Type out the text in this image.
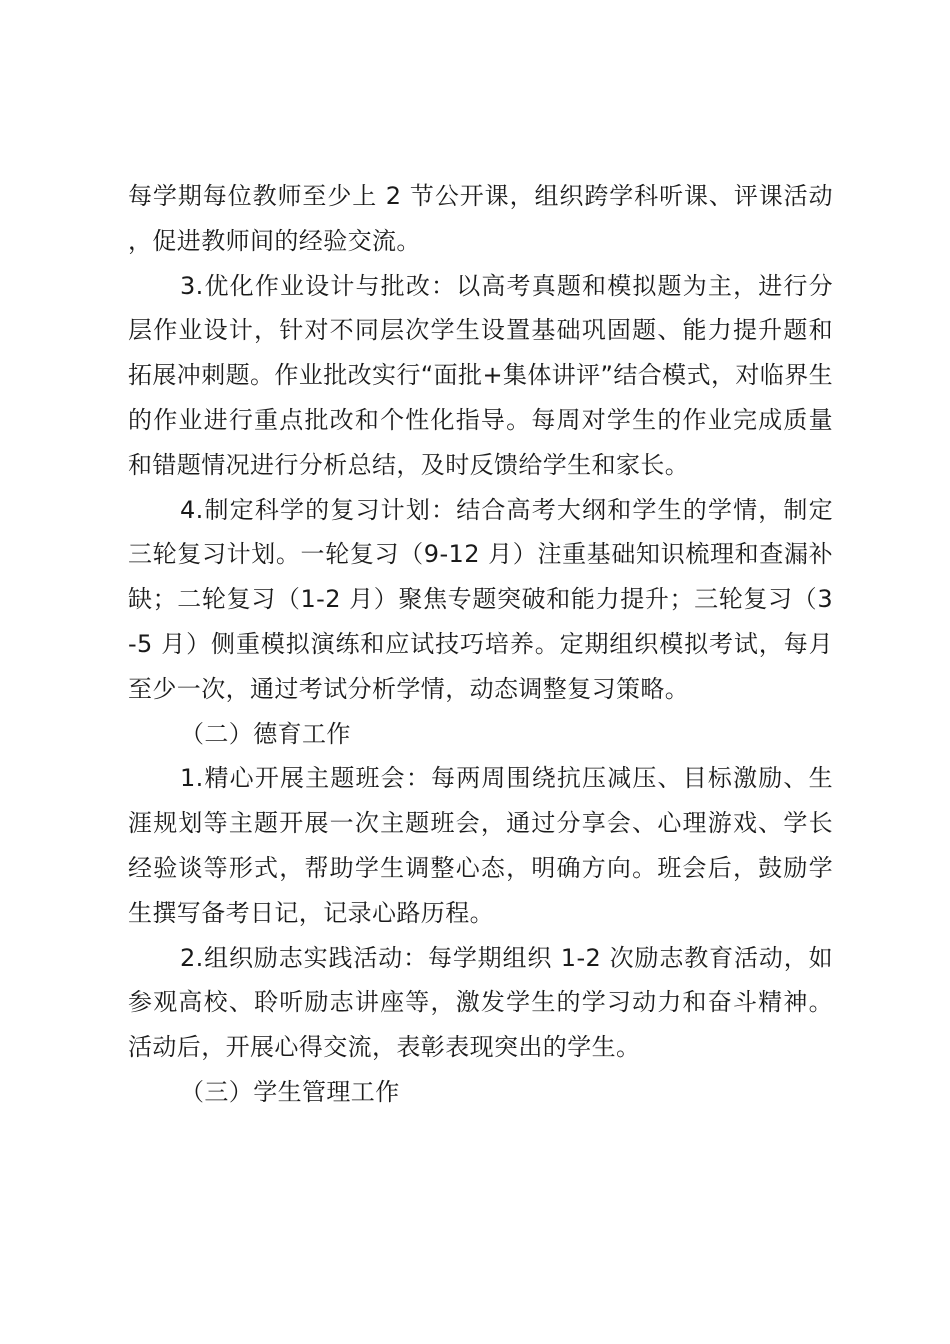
每学期每位教师至少上 2 节公开课，组织跨学科听课、评课活动，促进教师间的经验交流。

3.优化作业设计与批改：以高考真题和模拟题为主，进行分层作业设计，针对不同层次学生设置基础巩固题、能力提升题和拓展冲刺题。作业批改实行“面批+集体讲评”结合模式，对临界生的作业进行重点批改和个性化指导。每周对学生的作业完成质量和错题情况进行分析总结，及时反馈给学生和家长。

4.制定科学的复习计划：结合高考大纲和学生的学情，制定三轮复习计划。一轮复习（9-12 月）注重基础知识梳理和查漏补缺；二轮复习（1-2 月）聚焦专题突破和能力提升；三轮复习（3-5 月）侧重模拟演练和应试技巧培养。定期组织模拟考试，每月至少一次，通过考试分析学情，动态调整复习策略。

（二）德育工作

1.精心开展主题班会：每两周围绕抗压减压、目标激励、生涯规划等主题开展一次主题班会，通过分享会、心理游戏、学长经验谈等形式，帮助学生调整心态，明确方向。班会后，鼓励学生撰写备考日记，记录心路历程。

2.组织励志实践活动：每学期组织 1-2 次励志教育活动，如参观高校、聆听励志讲座等，激发学生的学习动力和奋斗精神。活动后，开展心得交流，表彰表现突出的学生。

（三）学生管理工作
